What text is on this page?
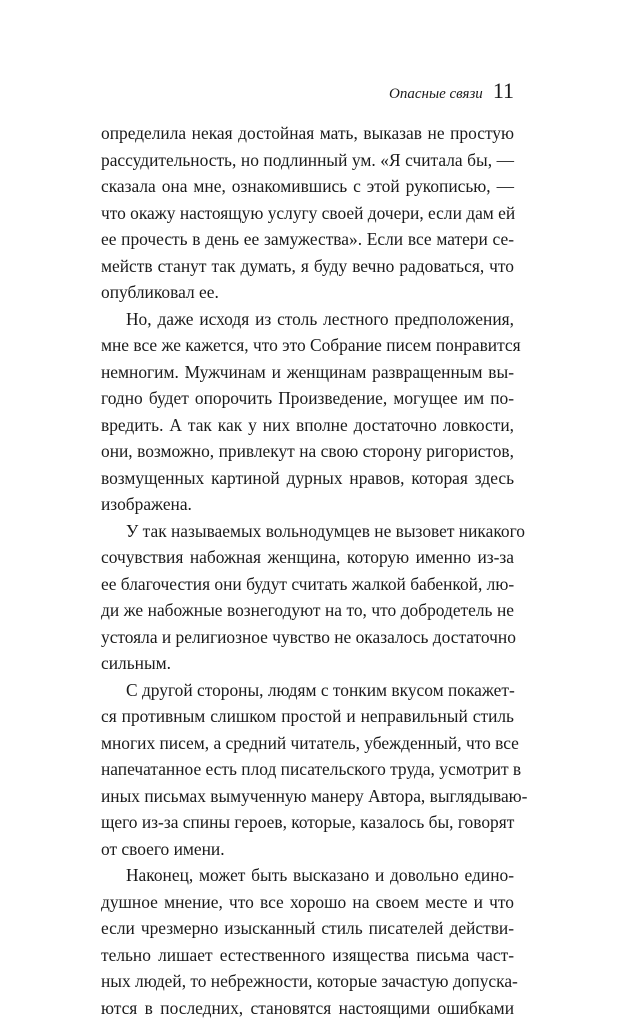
Опасные связи 11
определила некая достойная мать, выказав не простую
рассудительность, но подлинный ум. «Я считала бы, —
сказала она мне, ознакомившись с этой рукописью, —
что окажу настоящую услугу своей дочери, если дам ей
ее прочесть в день ее замужества». Если все матери се-
мейств станут так думать, я буду вечно радоваться, что
опубликовал ее.
Но, даже исходя из столь лестного предположения,
мне все же кажется, что это Собрание писем понравится
немногим. Мужчинам и женщинам развращенным вы-
годно будет опорочить Произведение, могущее им по-
вредить. А так как у них вполне достаточно ловкости,
они, возможно, привлекут на свою сторону ригористов,
возмущенных картиной дурных нравов, которая здесь
изображена.
У так называемых вольнодумцев не вызовет никакого
сочувствия набожная женщина, которую именно из-за
ее благочестия они будут считать жалкой бабенкой, лю-
ди же набожные вознегодуют на то, что добродетель не
устояла и религиозное чувство не оказалось достаточно
сильным.
С другой стороны, людям с тонким вкусом покажет-
ся противным слишком простой и неправильный стиль
многих писем, а средний читатель, убежденный, что все
напечатанное есть плод писательского труда, усмотрит в
иных письмах вымученную манеру Автора, выглядываю-
щего из-за спины героев, которые, казалось бы, говорят
от своего имени.
Наконец, может быть высказано и довольно едино-
душное мнение, что все хорошо на своем месте и что
если чрезмерно изысканный стиль писателей действи-
тельно лишает естественного изящества письма част-
ных людей, то небрежности, которые зачастую допуска-
ются в последних, становятся настоящими ошибками
